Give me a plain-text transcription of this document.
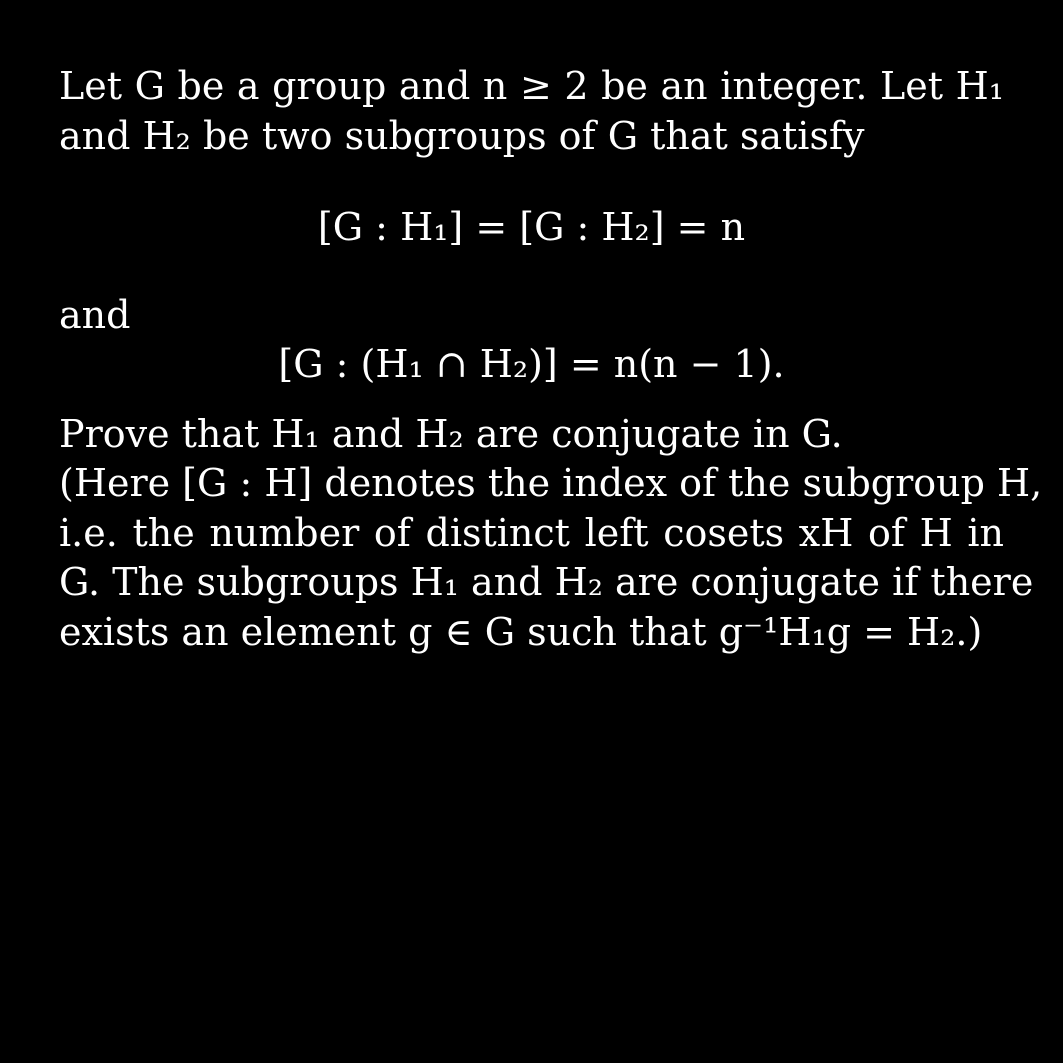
Let G be a group and n ≥ 2 be an integer. Let H₁
and H₂ be two subgroups of G that satisfy
[G : H₁] = [G : H₂] = n
and
[G : (H₁ ∩ H₂)] = n(n − 1).
Prove that H₁ and H₂ are conjugate in G.
(Here [G : H] denotes the index of the subgroup H,
i.e. the number of distinct left cosets xH of H in
G. The subgroups H₁ and H₂ are conjugate if there
exists an element g ∈ G such that g⁻¹H₁g = H₂.)
